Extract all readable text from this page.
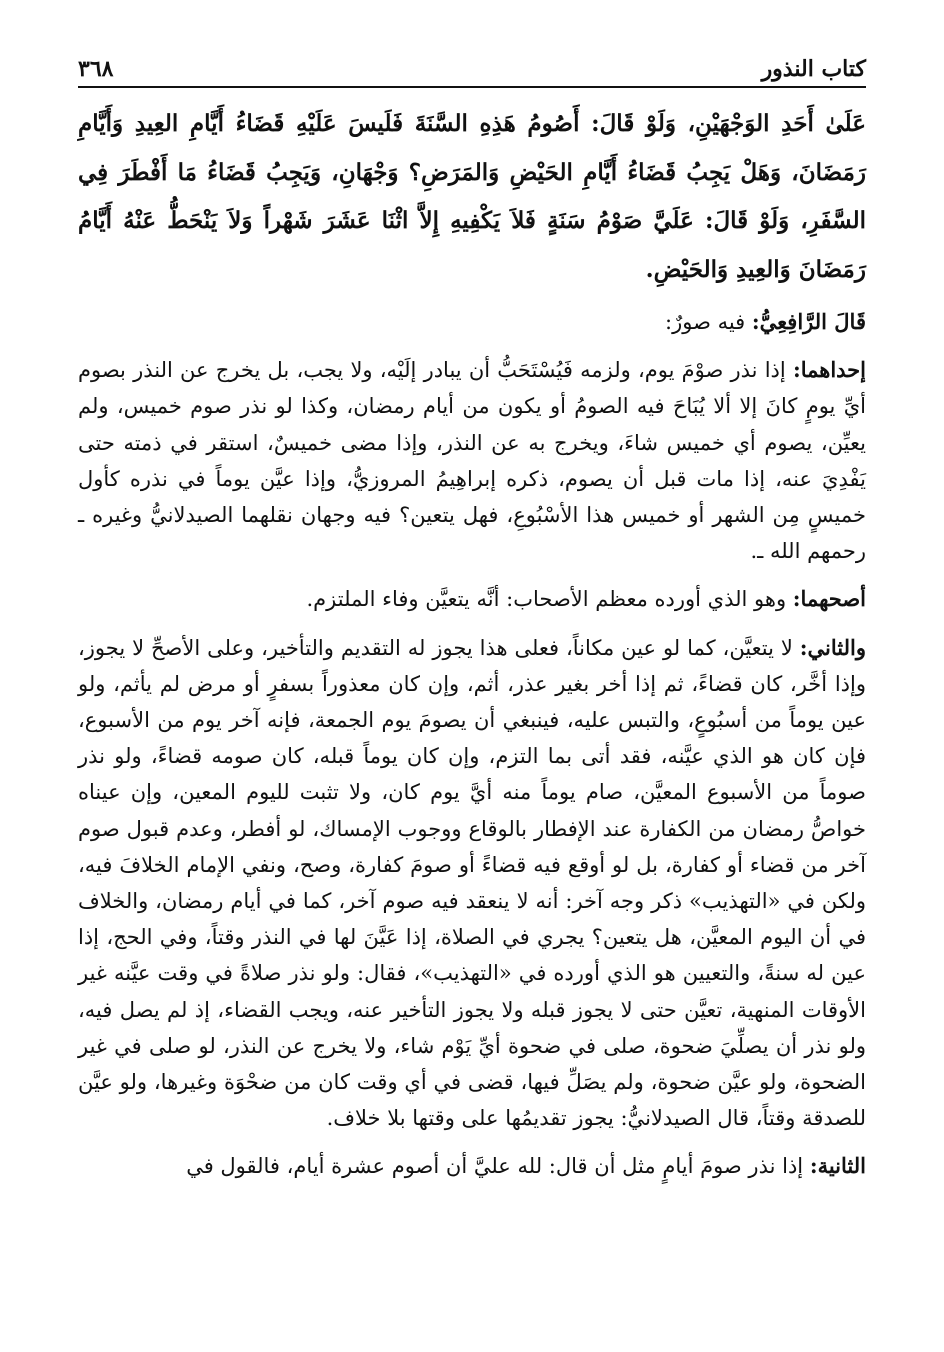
كتاب النذور
٣٦٨

عَلَىٰ أَحَدِ الوَجْهَيْنِ، وَلَوْ قَالَ: أَصُومُ هَذِهِ السَّنَةَ فَلَيسَ عَلَيْهِ قَضَاءُ أَيَّامِ العِيدِ وَأَيَّامِ رَمَضَانَ، وَهَلْ يَجِبُ قَضَاءُ أَيَّامِ الحَيْضِ وَالمَرَضِ؟ وَجْهَانِ، وَيَجِبُ قَضَاءُ مَا أَفْطَرَ فِي السَّفَرِ، وَلَوْ قَالَ: عَلَيَّ صَوْمُ سَنَةٍ فَلاَ يَكْفِيهِ إِلاَّ اثْنَا عَشَرَ شَهْراً وَلاَ يَنْحَطُّ عَنْهُ أَيَّامُ رَمَضَانَ وَالعِيدِ وَالحَيْضِ.

قَالَ الرَّافِعِيُّ: فيه صورٌ:

إحداهما: إذا نذر صوْمَ يوم، ولزمه فَيُسْتَحَبُّ أن يبادر إلَيْه، ولا يجب، بل يخرج عن النذر بصوم أيِّ يومٍ كانَ إلا ألا يُبَاحَ فيه الصومُ أو يكون من أيام رمضان، وكذا لو نذر صوم خميس، ولم يعيِّن، يصوم أي خميس شاءَ، ويخرج به عن النذر، وإذا مضى خميسٌ، استقر في ذمته حتى يَفْدِيَ عنه، إذا مات قبل أن يصوم، ذكره إبراهِيمُ المروزيُّ، وإذا عيَّن يوماً في نذره كأول خميسٍ مِن الشهر أو خميس هذا الأسْبُوعِ، فهل يتعين؟ فيه وجهان نقلهما الصيدلانيُّ وغيره ـ رحمهم الله ـ.

أصحهما: وهو الذي أورده معظم الأصحاب: أنَّه يتعيَّن وفاء الملتزم.

والثاني: لا يتعيَّن، كما لو عين مكاناً، فعلى هذا يجوز له التقديم والتأخير، وعلى الأصحِّ لا يجوز، وإذا أخَّر، كان قضاءً، ثم إذا أخر بغير عذر، أثم، وإن كان معذوراً بسفرٍ أو مرض لم يأثم، ولو عين يوماً من أسبُوعٍ، والتبس عليه، فينبغي أن يصومَ يوم الجمعة، فإنه آخر يوم من الأسبوع، فإن كان هو الذي عيَّنه، فقد أتى بما التزم، وإن كان يوماً قبله، كان صومه قضاءً، ولو نذر صوماً من الأسبوع المعيَّن، صام يوماً منه أيَّ يوم كان، ولا تثبت لليوم المعين، وإن عيناه خواصُّ رمضان من الكفارة عند الإفطار بالوقاع ووجوب الإمساك، لو أفطر، وعدم قبول صوم آخر من قضاء أو كفارة، بل لو أوقع فيه قضاءً أو صومَ كفارة، وصح، ونفي الإمام الخلافَ فيه، ولكن في «التهذيب» ذكر وجه آخر: أنه لا ينعقد فيه صوم آخر، كما في أيام رمضان، والخلاف في أن اليوم المعيَّن، هل يتعين؟ يجري في الصلاة، إذا عَيَّنَ لها في النذر وقتاً، وفي الحج، إذا عين له سنةً، والتعيين هو الذي أورده في «التهذيب»، فقال: ولو نذر صلاةً في وقت عيَّنه غير الأوقات المنهية، تعيَّن حتى لا يجوز قبله ولا يجوز التأخير عنه، ويجب القضاء، إذ لم يصل فيه، ولو نذر أن يصلِّيَ ضحوة، صلى في ضحوة أيِّ يَوْم شاء، ولا يخرج عن النذر، لو صلى في غير الضحوة، ولو عيَّن ضحوة، ولم يصَلِّ فيها، قضى في أي وقت كان من ضحْوَة وغيرها، ولو عيَّن للصدقة وقتاً، قال الصيدلانيُّ: يجوز تقديمُها على وقتها بلا خلاف.

الثانية: إذا نذر صومَ أيامٍ مثل أن قال: لله عليَّ أن أصوم عشرة أيام، فالقول في
